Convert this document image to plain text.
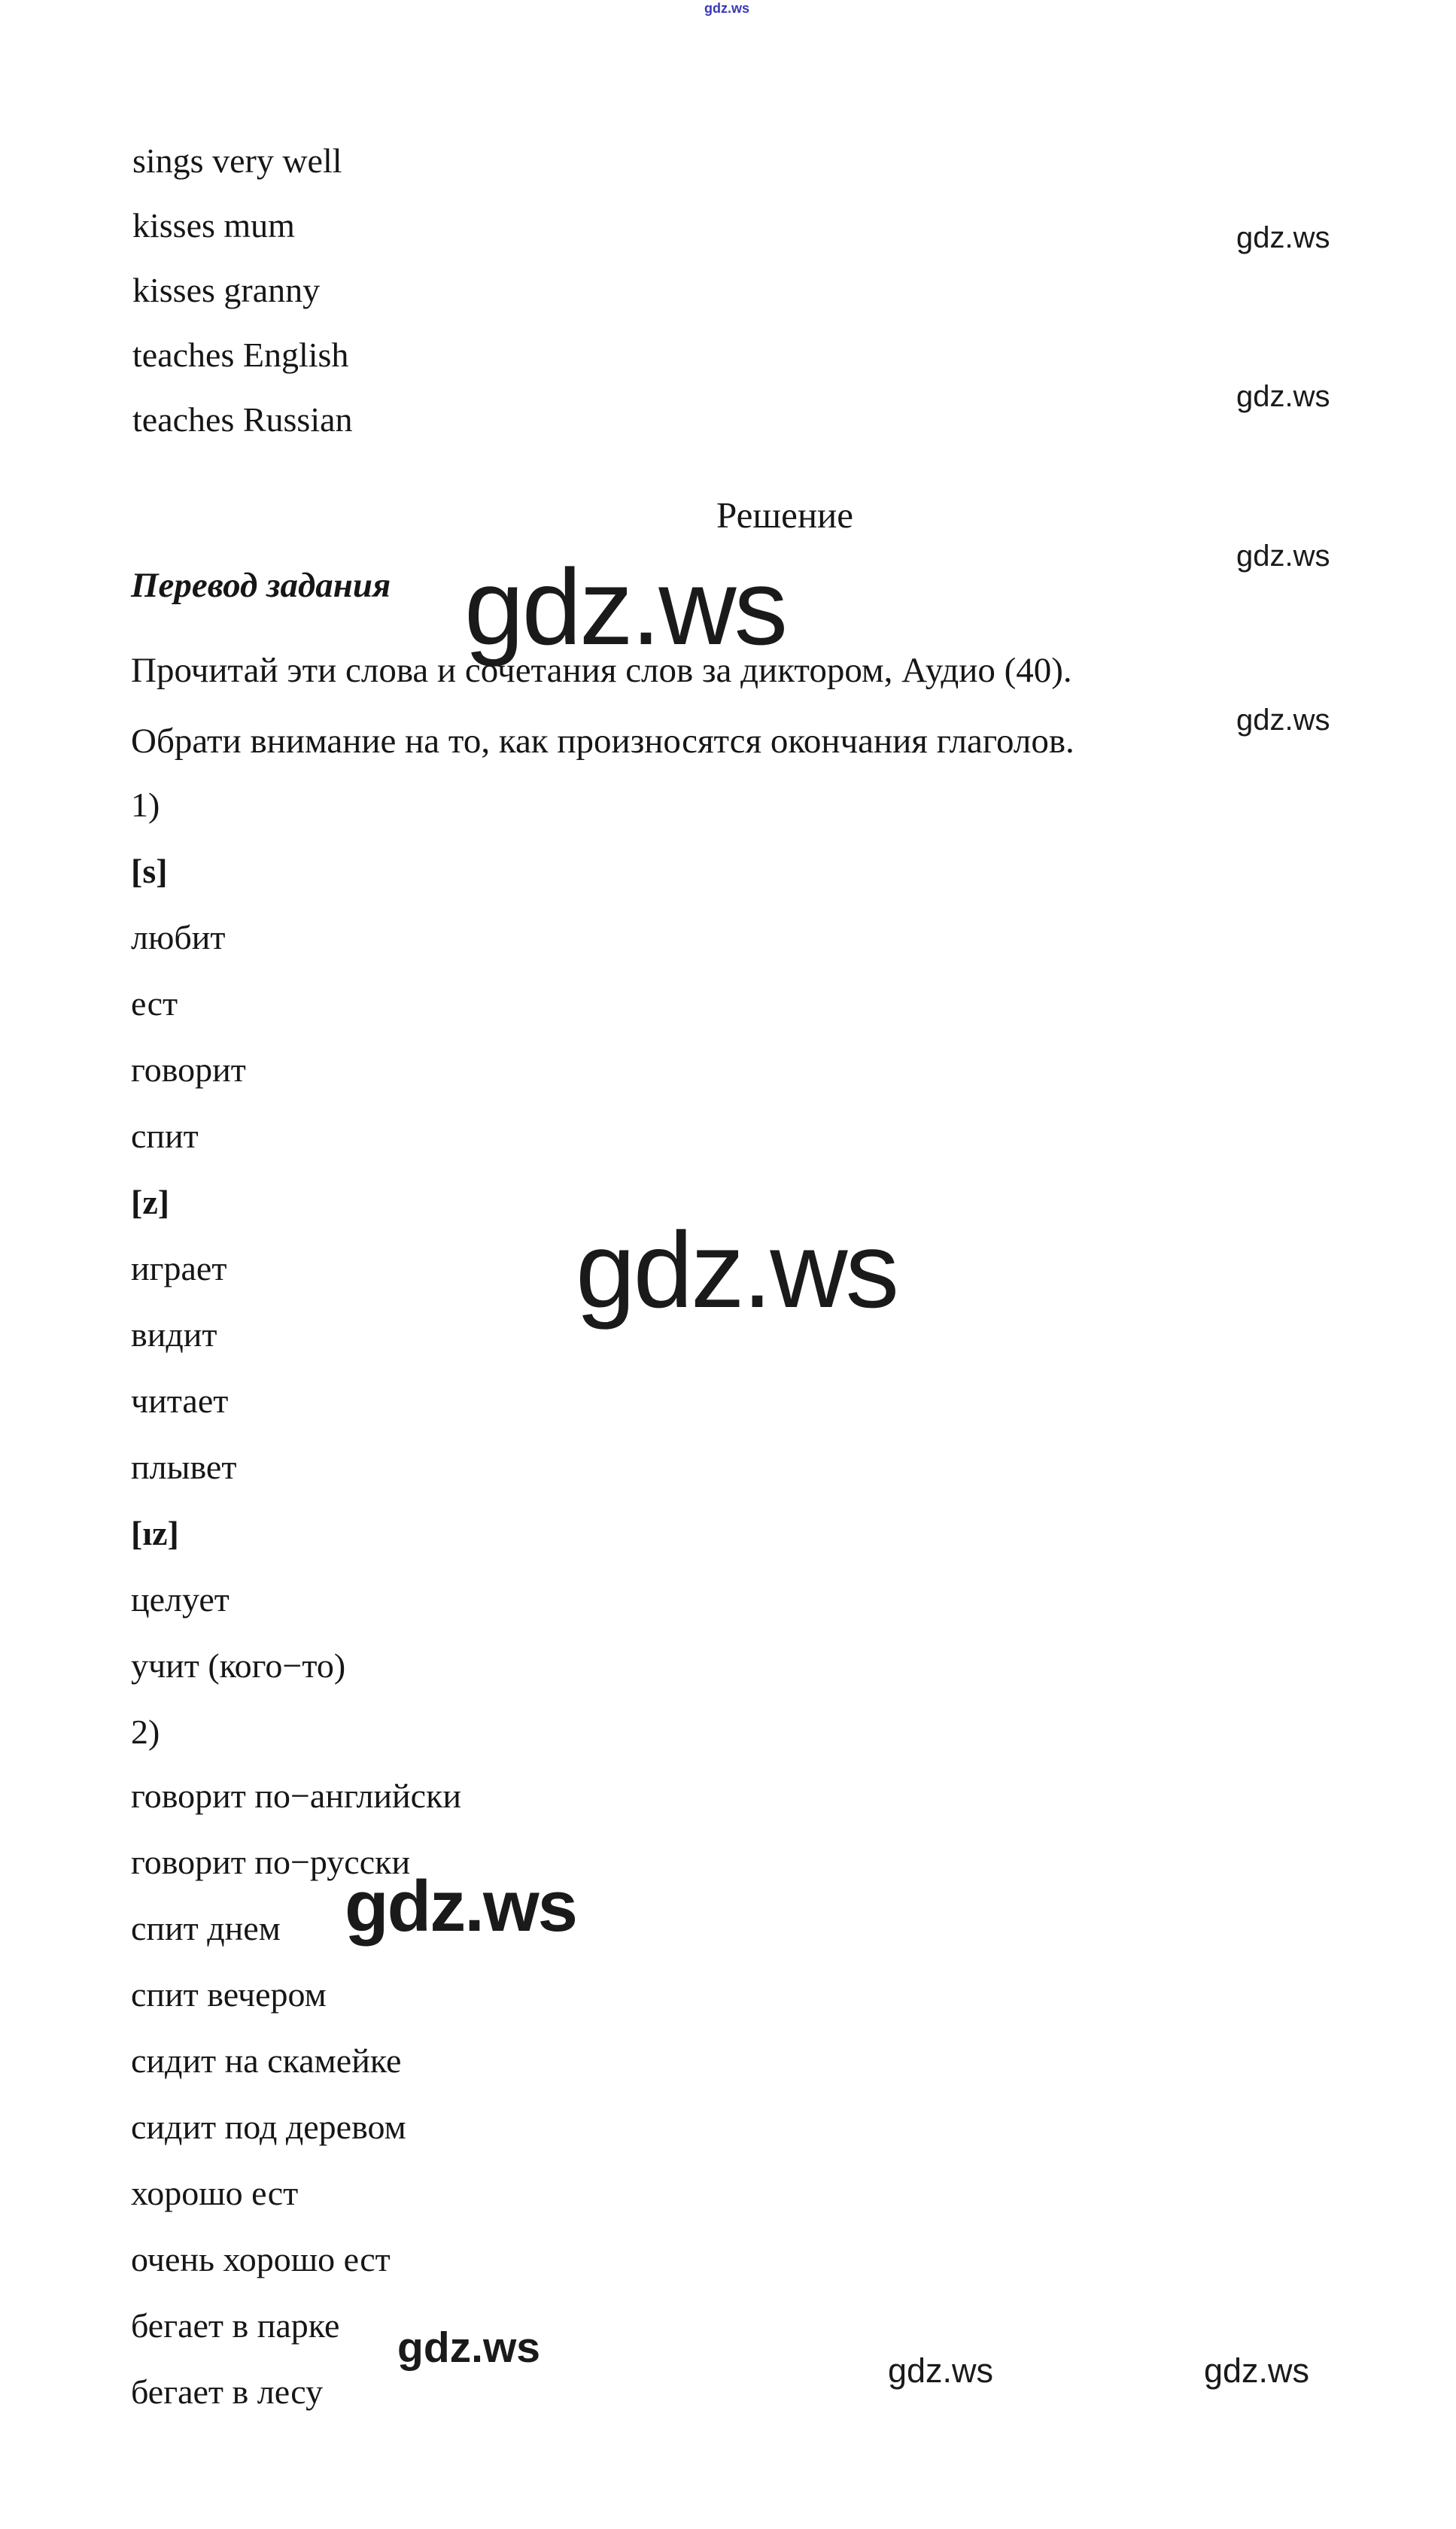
gdz.ws
gdz.ws
gdz.ws
gdz.ws
gdz.ws
gdz.ws
gdz.ws
gdz.ws
gdz.ws	gdz.ws	gdz.ws
sings very well
kisses mum
kisses granny
teaches English
teaches Russian
Решение
Перевод задания
Прочитай эти слова и сочетания слов за диктором, Аудио (40).
Обрати внимание на то, как произносятся окончания глаголов.
1)
[s]
любит
ест
говорит
спит
[z]
играет
видит
читает
плывет
[ız]
целует
учит (кого−то)
2)
говорит по−английски
говорит по−русски
спит днем
спит вечером
сидит на скамейке
сидит под деревом
хорошо ест
очень хорошо ест
бегает в парке
бегает в лесу
